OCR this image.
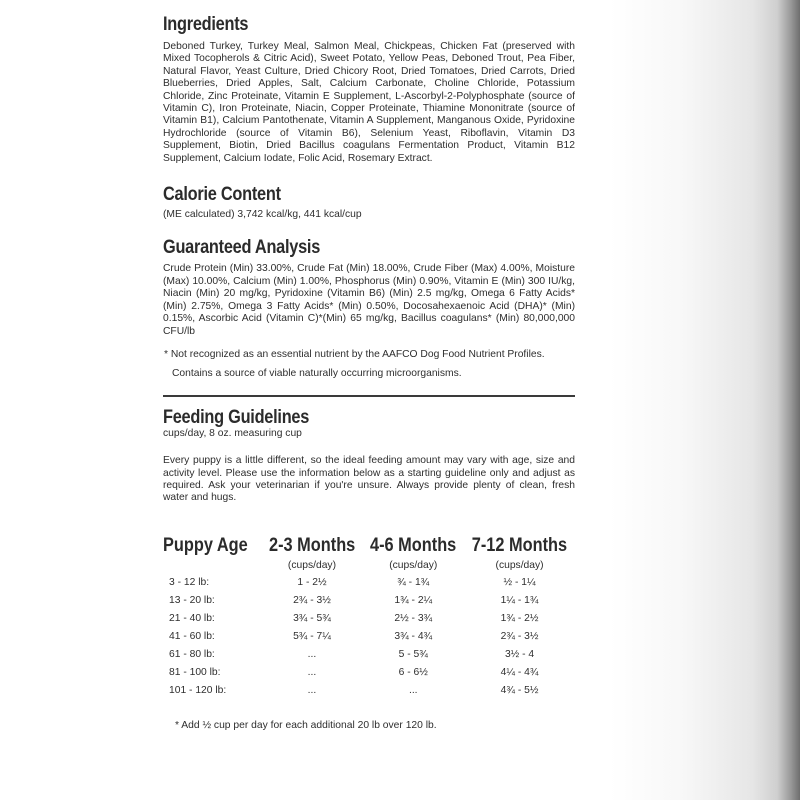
Ingredients

Deboned Turkey, Turkey Meal, Salmon Meal, Chickpeas, Chicken Fat (preserved with Mixed Tocopherols & Citric Acid), Sweet Potato, Yellow Peas, Deboned Trout, Pea Fiber, Natural Flavor, Yeast Culture, Dried Chicory Root, Dried Tomatoes, Dried Carrots, Dried Blueberries, Dried Apples, Salt, Calcium Carbonate, Choline Chloride, Potassium Chloride, Zinc Proteinate, Vitamin E Supplement, L-Ascorbyl-2-Polyphosphate (source of Vitamin C), Iron Proteinate, Niacin, Copper Proteinate, Thiamine Mononitrate (source of Vitamin B1), Calcium Pantothenate, Vitamin A Supplement, Manganous Oxide, Pyridoxine Hydrochloride (source of Vitamin B6), Selenium Yeast, Riboflavin, Vitamin D3 Supplement, Biotin, Dried Bacillus coagulans Fermentation Product, Vitamin B12 Supplement, Calcium Iodate, Folic Acid, Rosemary Extract.

Calorie Content

(ME calculated) 3,742 kcal/kg, 441 kcal/cup

Guaranteed Analysis

Crude Protein (Min) 33.00%, Crude Fat (Min) 18.00%, Crude Fiber (Max) 4.00%, Moisture (Max) 10.00%, Calcium (Min) 1.00%, Phosphorus (Min) 0.90%, Vitamin E (Min) 300 IU/kg, Niacin (Min) 20 mg/kg, Pyridoxine (Vitamin B6) (Min) 2.5 mg/kg, Omega 6 Fatty Acids* (Min) 2.75%, Omega 3 Fatty Acids* (Min) 0.50%, Docosahexaenoic Acid (DHA)* (Min) 0.15%, Ascorbic Acid (Vitamin C)*(Min) 65 mg/kg, Bacillus coagulans* (Min) 80,000,000 CFU/lb

* Not recognized as an essential nutrient by the AAFCO Dog Food Nutrient Profiles.

Contains a source of viable naturally occurring microorganisms.

Feeding Guidelines

cups/day, 8 oz. measuring cup

Every puppy is a little different, so the ideal feeding amount may vary with age, size and activity level. Please use the information below as a starting guideline only and adjust as required. Ask your veterinarian if you're unsure. Always provide plenty of clean, fresh water and hugs.

Puppy Age	2-3 Months	4-6 Months	7-12 Months
	(cups/day)	(cups/day)	(cups/day)
3 - 12 lb:	1 - 2½	¾ - 1¾	½ - 1¼
13 - 20 lb:	2¾ - 3½	1¾ - 2¼	1¼ - 1¾
21 - 40 lb:	3¾ - 5¾	2½ - 3¾	1¾ - 2½
41 - 60 lb:	5¾ - 7¼	3¾ - 4¾	2¾ - 3½
61 - 80 lb:	...	5 - 5¾	3½ - 4
81 - 100 lb:	...	6 - 6½	4¼ - 4¾
101 - 120 lb:	...	...	4¾ - 5½

* Add ½ cup per day for each additional 20 lb over 120 lb.
